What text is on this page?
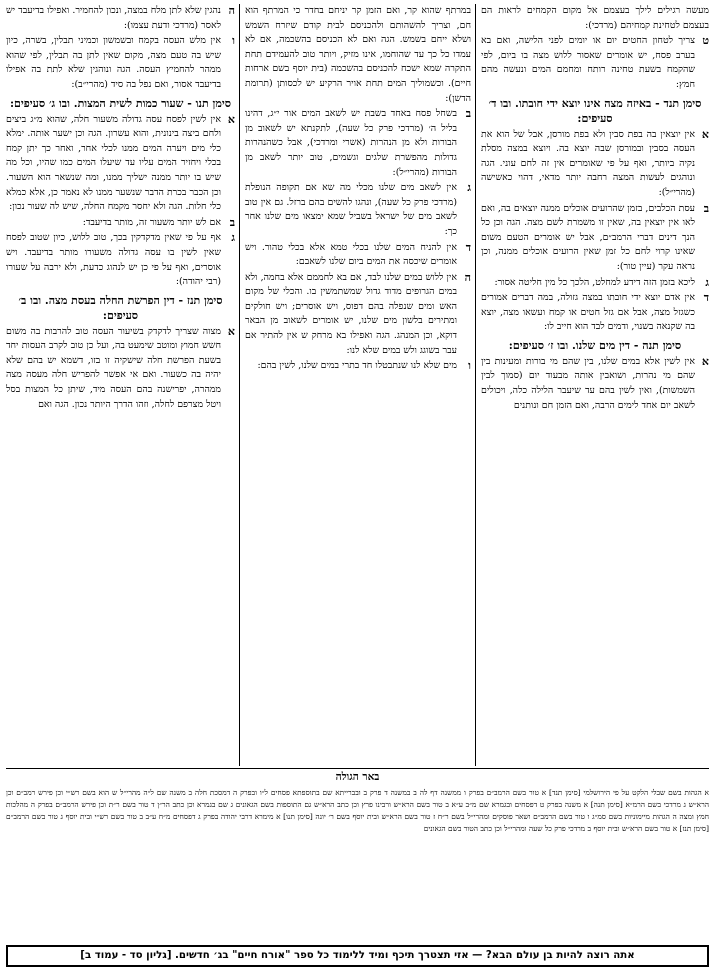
מעשה רגילים לילך בעצמם אל מקום הקמחים לראות הם בעצמם לטחינת קמחיהם (מרדכי):
ט
צריך לטחון החטים יום או יומים לפני הלישה, ואם בא בערב פסח, יש אומרים שאסור ללוש מצה בו ביום, לפי שהקמח בשעת טחינה רותח ומחמם המים ונעשה מהם חמץ:
סימן תנד - באיזה מצה אינו יוצא ידי חובתו. ובו ד׳ סעיפים:
א
אין יוצאין בה בפת סבין ולא בפת מורסן, אבל של הוא את העסה בסבין ובמורסן שבה יוצא בה. ויוצא במצה מסלת נקיה ביותר, ואף על פי שאומרים אין זה לחם עוני. הגה ונוהגים לעשות המצה רחבה יותר מדאי, דהוי כאשישה (מהרי״ל):
ב
עסת הכלבים, בזמן שהרועים אוכלים ממנה יוצאים בה, ואם לאו אין יוצאין בה, שאין זו משמרת לשם מצה. הגה וכן כל הנך דינים דברי הרמב״ם, אבל יש אומרים הטעם משום שאינו קרוי לחם כל זמן שאין הרועים אוכלים ממנה, וכן נראה עקר (עיין טור):
ג
ליכא בזמן הזה דידע למחלט, הלכך כל מין חליטה אסור:
ד
אין אדם יוצא ידי חובתו במצה גזולה, במה דברים אמורים כשגזל מצה, אבל אם גזל חטים או קמח ועשאו מצה, יוצא בה שקנאה בשנוי, ודמים לבד הוא חייב לו:
סימן תנה - דין מים שלנו. ובו ז׳ סעיפים:
א
אין לשין אלא במים שלנו, בין שהם מי בורות ומעינות בין שהם מי נהרות, ושואבין אותה מבעוד יום (סמוך לבין השמשות), ואין לשין בהם עד שיעבר הלילה כלה, ויכולים לשאב יום אחד לימים הרבה, ואם הזמן חם ונותנים
במרתף שהוא קר, ואם הזמן קר יניחם בחדר כי המרתף הוא חם, וצריך להשהותם ולהכניסם לבית קודם שיזרח השמש ושלא ייחם בשמש. הגה ואם לא הכניסם בהשכמה, אם לא עמדו כל כך עד שהוחמו, אינו מזיק, ויותר טוב להעמידם תחת התקרה שמא ישכח להכניסם בהשכמה (בית יוסף בשם ארחות חיים). וכשמוליך המים תחת אויר הרקיע יש לכסותן (תרומת הדשן):
ב
בשחל פסח באחד בשבת יש לשאב המים אור י״ג, דהינו בליל ה׳ (מרדכי פרק כל שעה), לתקנתא יש לשאוב מן הבורות ולא מן הנהרות (אשרי ומרדכי), אבל כשהנהרות גדולות מהפשרת שלגים וגשמים, טוב יותר לשאב מן הבורות (מהרי״ל):
ג
אין לשאב מים שלנו מכלי מה שא אם תקופה הנופלת (מרדכי פרק כל שעה), ונהגו להשים בהם ברזל. גם אין טוב לשאב מים של ישראל בשביל שמא ימצאו מים שלנו אחר כך:
ד
אין להניח המים שלנו בכלי טמא אלא בכלי טהור. ויש אומרים שיכסה את המים ביום שלנו לשאבם:
ה
אין ללוש במים שלנו לבד, אם בא לחממם אלא בחמה, ולא במים הגרופים מדוד גדול שמשתמשין בו. והכלי של מקום האש ומים שנפלה בהם דפוס, ויש אוסרים; ויש חולקים ומתירים בלשון מים שלנו, יש אומרים לשאוב מן הבאר דוקא, וכן המנהג. הגה ואפילו בא מרחק ש אין להתיר אם עבר בשוגג ולש במים שלא לנו:
ו
מים שלא לנו שנתבטלו חד בתרי במים שלנו, לשין בהם:
ה
נהגין שלא לתן מלח במצה, ונכון להחמיר. ואפילו בדיעבד יש לאסר (מרדכי ודעת עצמו):
ו
אין מלש העסה בקמח ובשמשון וכמיני תבלין, בשרה, כיון שיש בה טעם מצה, מקום שאין לתן בה תבלין, לפי שהוא ממהר להחמיץ העסה. הגה ונוהגין שלא לתת בה אפילו בדיעבד אסור, ואם נפל בה סיד (מהרי״ב):
סימן תנו - שעור כמות לשית המצות. ובו ג׳ סעיפים:
א
אין לשין לפסח עסה גדולה משעור חלה, שהוא מ״ג ביצים ולחם ביצה בינונית, והוא עשרון. הגה וכן ישער אותה. ימלא כלי מים ויערה המים ממנו לכלי אחר, ואחר כך יתן קמח בכלי ויחזיר המים עליו עד שיעלו המים כמו שהיו, וכל מה שיש בו יותר ממנה ישליך ממנו, ומה שנשאר הוא השעור. וכן הכבר בכרת הדבר שנשער ממנו לא נאמר כן, אלא כמלא כלי חלות. הגה ולא יחסר מקמח החלה, שיש לה שעור נכון:
ב
אם לש יותר משעור זה, מותר בדיעבד:
ג
אף על פי שאין מדקדקין בכך, טוב ללוש, כיון שטוב לפסח שאין לשין בו עסה גדולה משעורו מותר בדיעבד. ויש אוסרים, ואף על פי כן יש לנהוג כדעת, ולא ירבה על שעורו (רבי יהודה):
סימן תנז - דין הפרשת החלה בעסת מצה. ובו ב׳ סעיפים:
א
מצוה שצריך לדקדק בשיעור העסה טוב להרבות בה משום חשש חמוץ ומוטב שימעט בה, ועל כן טוב לקרב העסות יחד בשעת הפרשת חלה שישקיה זו בזו, דשמא יש בהם שלא יהיה בה כשעור. ואם אי אפשר להפריש חלה מעסה מצה ממהרה, יפרישנה בהם העסה מיד, שיתן כל המצות בסל ויטל מצרפם לחלה, וזהו הדרך היותר נכון. הגה ואם
באר הגולה
א הגהות בשם שבלי הלקט על פי הירושלמי [סימן תנד] א טור בשם הרמב״ם בפרק ו ממשנה דף לה ב במשנה ד פרק ב ובברייתא שם בתוספתא פסחים ל״ו ובפרק ה דמסכת חלה ב משנה שם ל״ה מהרי״ל ש הוא בשם רש״י וכן פירש רמב״ם וכן הרא״ש ג מרדכי בשם הרמ״א [סימן תנה] א משנה בפרק ט דפסחים ובגמרא שם מ״ב ע״א ב טור בשם הרא״ש ורבינו פרץ וכן כתב הרא״ש גם התוספות בשם הגאונים ג שם בגמרא וכן כתב הר״ן ד טור בשם ר״ת וכן פירש הרמב״ם בפרק ה מהלכות חמץ ומצה ה הגהות מיימוניות בשם סמ״ג ו טור בשם הרמב״ם ושאר פוסקים ומהרי״ל בשם ר״ח ז טור בשם הרא״ש ובית יוסף בשם ר׳ יונה [סימן תנו] א מימרא דרבי יהודה בפרק ג דפסחים מ״ח ע״ב ב טור בשם רש״י ובית יוסף ג טור בשם הרמב״ם [סימן תנז] א טור בשם הרא״ש ובית יוסף ב מרדכי פרק כל שעה ומהרי״ל וכן כתב הטור בשם הגאונים
אתה רוצה להיות בן עולם הבא? — אזי תצטרך תיכף ומיד ללימוד כל ספר "אורח חיים" בג׳ חדשים. [גליון סד - עמוד ב]
